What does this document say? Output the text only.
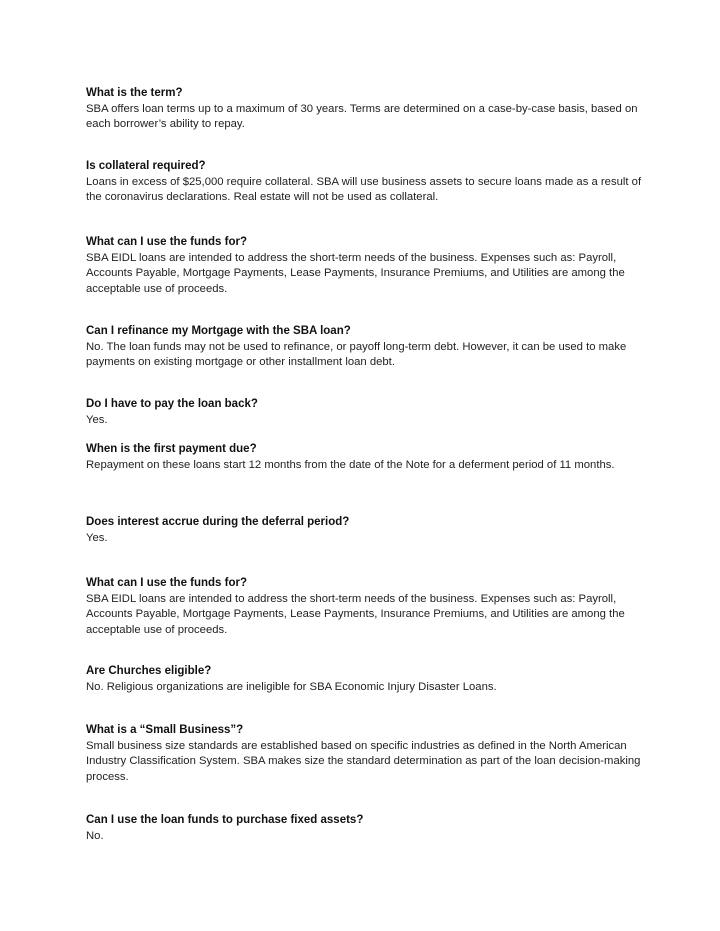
What is the term?

SBA offers loan terms up to a maximum of 30 years. Terms are determined on a case-by-case basis, based on each borrower’s ability to repay.

Is collateral required?

Loans in excess of $25,000 require collateral. SBA will use business assets to secure loans made as a result of the coronavirus declarations. Real estate will not be used as collateral.

What can I use the funds for?

SBA EIDL loans are intended to address the short-term needs of the business. Expenses such as: Payroll, Accounts Payable, Mortgage Payments, Lease Payments, Insurance Premiums, and Utilities are among the acceptable use of proceeds.

Can I refinance my Mortgage with the SBA loan?

No. The loan funds may not be used to refinance, or payoff long-term debt. However, it can be used to make payments on existing mortgage or other installment loan debt.

Do I have to pay the loan back?

Yes.

When is the first payment due?

Repayment on these loans start 12 months from the date of the Note for a deferment period of 11 months.

Does interest accrue during the deferral period?

Yes.

What can I use the funds for?

SBA EIDL loans are intended to address the short-term needs of the business. Expenses such as: Payroll, Accounts Payable, Mortgage Payments, Lease Payments, Insurance Premiums, and Utilities are among the acceptable use of proceeds.

Are Churches eligible?

No. Religious organizations are ineligible for SBA Economic Injury Disaster Loans.

What is a “Small Business”?

Small business size standards are established based on specific industries as defined in the North American Industry Classification System. SBA makes size the standard determination as part of the loan decision-making process.

Can I use the loan funds to purchase fixed assets?

No.
